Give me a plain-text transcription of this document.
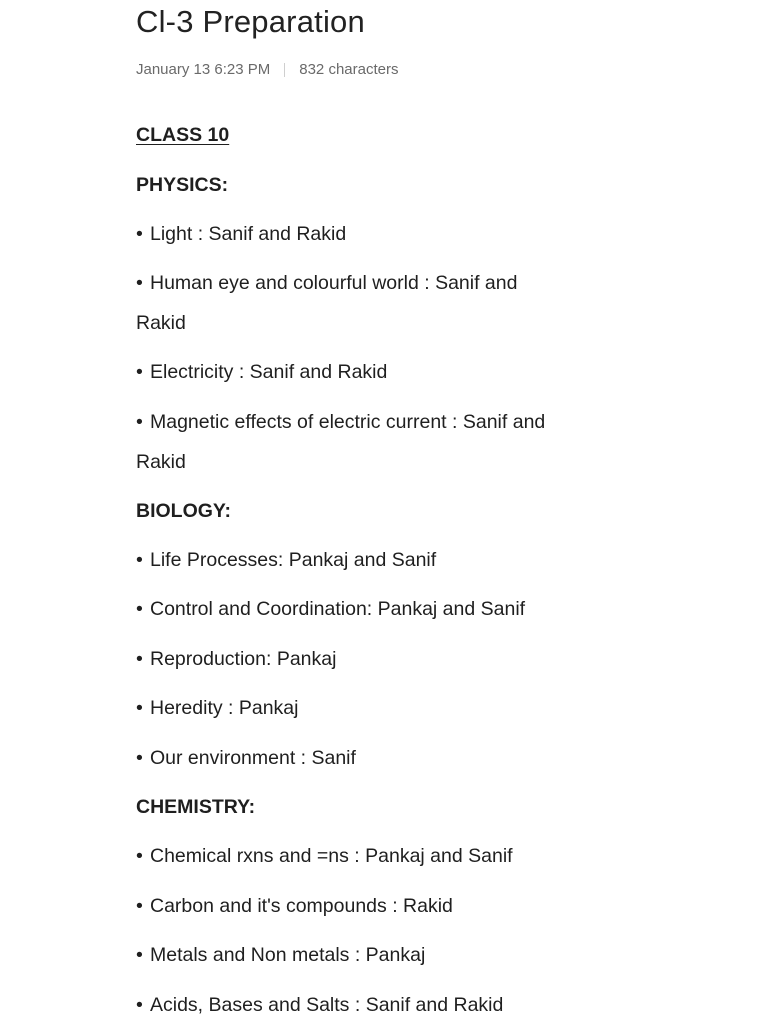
Cl-3 Preparation
January 13 6:23 PM 832 characters
CLASS 10
PHYSICS:
• Light : Sanif and Rakid
• Human eye and colourful world : Sanif and
Rakid
• Electricity : Sanif and Rakid
• Magnetic effects of electric current : Sanif and
Rakid
BIOLOGY:
• Life Processes: Pankaj and Sanif
• Control and Coordination: Pankaj and Sanif
• Reproduction: Pankaj
• Heredity : Pankaj
• Our environment : Sanif
CHEMISTRY:
• Chemical rxns and =ns : Pankaj and Sanif
• Carbon and it's compounds : Rakid
• Metals and Non metals : Pankaj
• Acids, Bases and Salts : Sanif and Rakid
